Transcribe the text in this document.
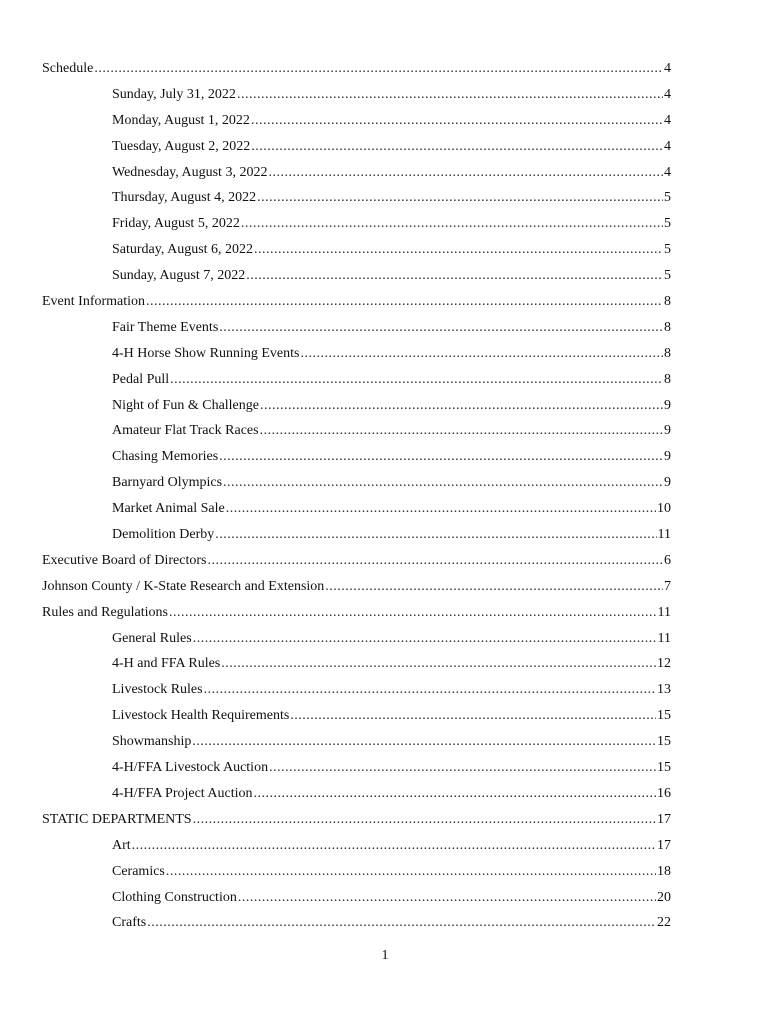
Schedule .....	4
Sunday, July 31, 2022 .....	4
Monday, August 1, 2022 .....	4
Tuesday, August 2, 2022 .....	4
Wednesday, August 3, 2022 .....	4
Thursday, August 4, 2022 .....	5
Friday, August 5, 2022 .....	5
Saturday, August 6, 2022 .....	5
Sunday, August 7, 2022 .....	5
Event Information .....	8
Fair Theme Events .....	8
4-H Horse Show Running Events .....	8
Pedal Pull .....	8
Night of Fun & Challenge .....	9
Amateur Flat Track Races .....	9
Chasing Memories .....	9
Barnyard Olympics .....	9
Market Animal Sale .....	10
Demolition Derby .....	11
Executive Board of Directors .....	6
Johnson County / K-State Research and Extension .....	7
Rules and Regulations .....	11
General Rules .....	11
4-H and FFA Rules .....	12
Livestock Rules .....	13
Livestock Health Requirements .....	15
Showmanship .....	15
4-H/FFA Livestock Auction .....	15
4-H/FFA Project Auction .....	16
STATIC DEPARTMENTS .....	17
Art .....	17
Ceramics .....	18
Clothing Construction .....	20
Crafts .....	22
1
